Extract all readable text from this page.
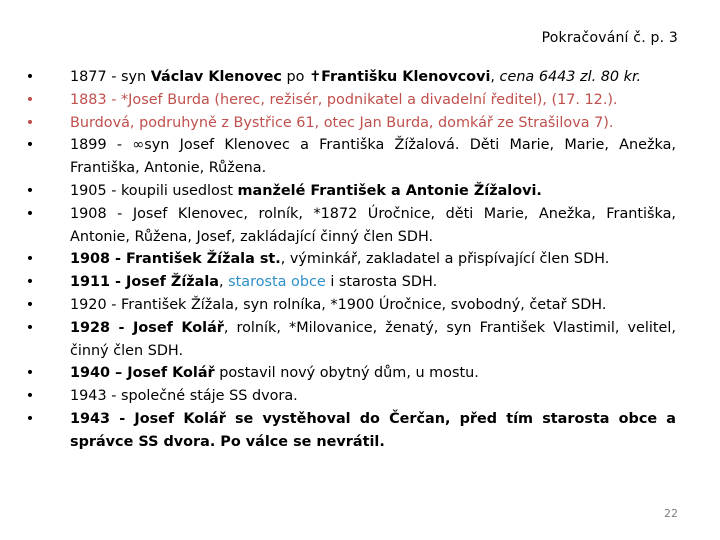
Pokračování č. p. 3
• 1877 - syn Václav Klenovec po ✝Františku Klenovcovi, cena 6443 zl. 80 kr.
• 1883 - *Josef Burda (herec, režisér, podnikatel a divadelní ředitel), (17. 12.).
• Burdová, podruhyně z Bystřice 61, otec Jan Burda, domkář ze Strašilova 7).
• 1899 - ∞syn Josef Klenovec a Františka Žížalová. Děti Marie, Marie, Anežka, Františka, Antonie, Růžena.
• 1905 - koupili usedlost manželé František a Antonie Žížalovi.
• 1908 - Josef Klenovec, rolník, *1872 Úročnice, děti Marie, Anežka, Františka, Antonie, Růžena, Josef, zakládající činný člen SDH.
• 1908 - František Žížala st., výminkář, zakladatel a přispívající člen SDH.
• 1911 - Josef Žížala, starosta obce i starosta SDH.
• 1920 - František Žížala, syn rolníka, *1900 Úročnice, svobodný, četař SDH.
• 1928 - Josef Kolář, rolník, *Milovanice, ženatý, syn František Vlastimil, velitel, činný člen SDH.
• 1940 – Josef Kolář postavil nový obytný dům, u mostu.
• 1943 - společné stáje SS dvora.
• 1943 - Josef Kolář se vystěhoval do Čerčan, před tím starosta obce a správce SS dvora. Po válce se nevrátil.
22
